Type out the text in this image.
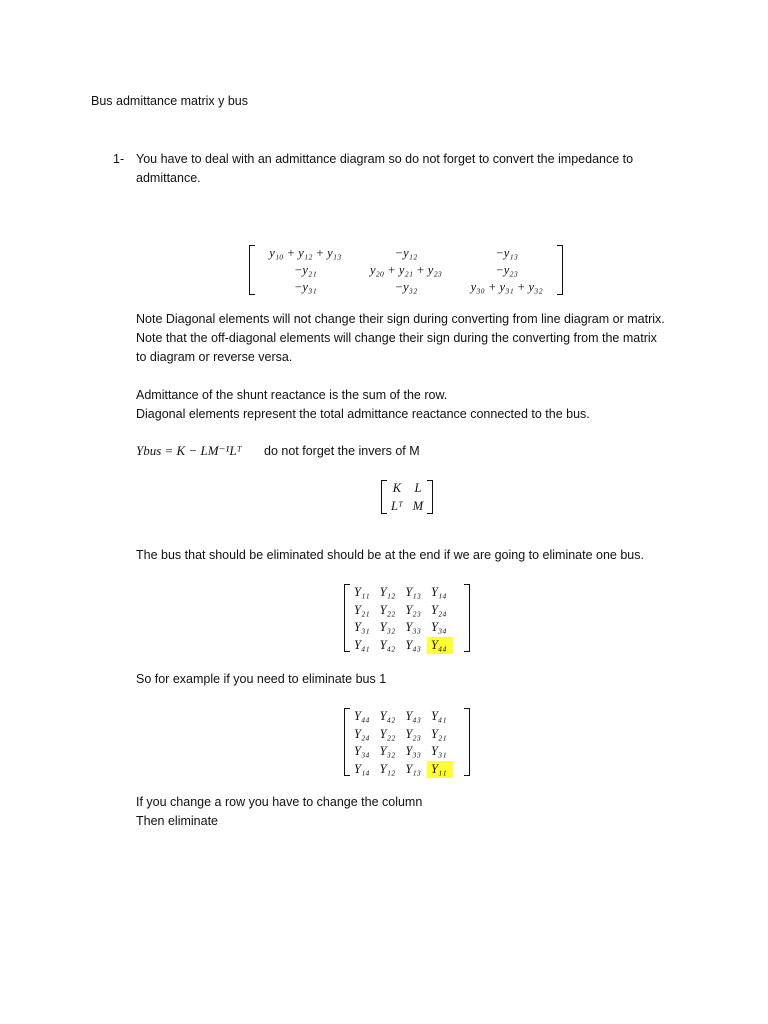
Bus admittance matrix y bus
1- You have to deal with an admittance diagram so do not forget to convert the impedance to
admittance.
y₁₀ + y₁₂ + y₁₃	−y₁₂	−y₁₃
−y₂₁	y₂₀ + y₂₁ + y₂₃	−y₂₃
−y₃₁	−y₃₂	y₃₀ + y₃₁ + y₃₂
Note Diagonal elements will not change their sign during converting from line diagram or matrix.
Note that the off-diagonal elements will change their sign during the converting from the matrix
to diagram or reverse versa.
Admittance of the shunt reactance is the sum of the row.
Diagonal elements represent the total admittance reactance connected to the bus.
Ybus = K − LM⁻¹Lᵀ do not forget the invers of M
K	L
Lᵀ	M
The bus that should be eliminated should be at the end if we are going to eliminate one bus.
Y₁₁	Y₁₂	Y₁₃	Y₁₄
Y₂₁	Y₂₂	Y₂₃	Y₂₄
Y₃₁	Y₃₂	Y₃₃	Y₃₄
Y₄₁	Y₄₂	Y₄₃	Y₄₄
So for example if you need to eliminate bus 1
Y₄₄	Y₄₂	Y₄₃	Y₄₁
Y₂₄	Y₂₂	Y₂₃	Y₂₁
Y₃₄	Y₃₂	Y₃₃	Y₃₁
Y₁₄	Y₁₂	Y₁₃	Y₁₁
If you change a row you have to change the column
Then eliminate
